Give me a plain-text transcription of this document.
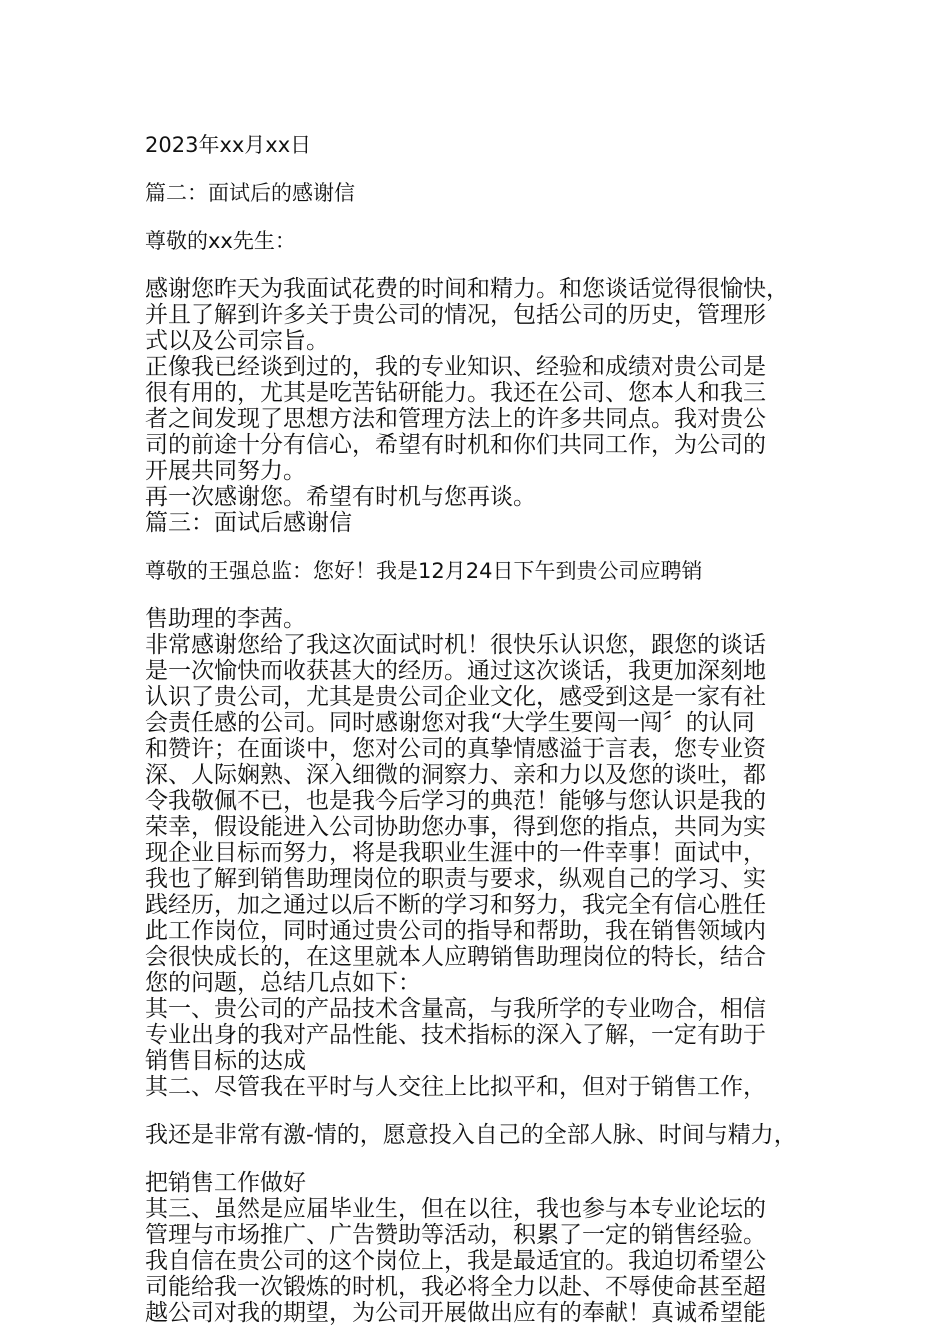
2023年xx月xx日
篇二：面试后的感谢信
尊敬的xx先生：
感谢您昨天为我面试花费的时间和精力。和您谈话觉得很愉快，
并且了解到许多关于贵公司的情况，包括公司的历史，管理形
式以及公司宗旨。
正像我已经谈到过的，我的专业知识、经验和成绩对贵公司是
很有用的，尤其是吃苦钻研能力。我还在公司、您本人和我三
者之间发现了思想方法和管理方法上的许多共同点。我对贵公
司的前途十分有信心，希望有时机和你们共同工作，为公司的
开展共同努力。
再一次感谢您。希望有时机与您再谈。
篇三：面试后感谢信
尊敬的王强总监：您好！我是12月24日下午到贵公司应聘销
售助理的李茜。
非常感谢您给了我这次面试时机！很快乐认识您，跟您的谈话
是一次愉快而收获甚大的经历。通过这次谈话，我更加深刻地
认识了贵公司，尤其是贵公司企业文化，感受到这是一家有社
会责任感的公司。同时感谢您对我“大学生要闯一闯〞的认同
和赞许；在面谈中，您对公司的真挚情感溢于言表，您专业资
深、人际娴熟、深入细微的洞察力、亲和力以及您的谈吐，都
令我敬佩不已，也是我今后学习的典范！能够与您认识是我的
荣幸，假设能进入公司协助您办事，得到您的指点，共同为实
现企业目标而努力，将是我职业生涯中的一件幸事！面试中，
我也了解到销售助理岗位的职责与要求，纵观自己的学习、实
践经历，加之通过以后不断的学习和努力，我完全有信心胜任
此工作岗位，同时通过贵公司的指导和帮助，我在销售领域内
会很快成长的，在这里就本人应聘销售助理岗位的特长，结合
您的问题，总结几点如下：
其一、贵公司的产品技术含量高，与我所学的专业吻合，相信
专业出身的我对产品性能、技术指标的深入了解，一定有助于
销售目标的达成
其二、尽管我在平时与人交往上比拟平和，但对于销售工作，
我还是非常有激-情的，愿意投入自己的全部人脉、时间与精力，
把销售工作做好
其三、虽然是应届毕业生，但在以往，我也参与本专业论坛的
管理与市场推广、广告赞助等活动，积累了一定的销售经验。
我自信在贵公司的这个岗位上，我是最适宜的。我迫切希望公
司能给我一次锻炼的时机，我必将全力以赴、不辱使命甚至超
越公司对我的期望，为公司开展做出应有的奉献！真诚希望能
